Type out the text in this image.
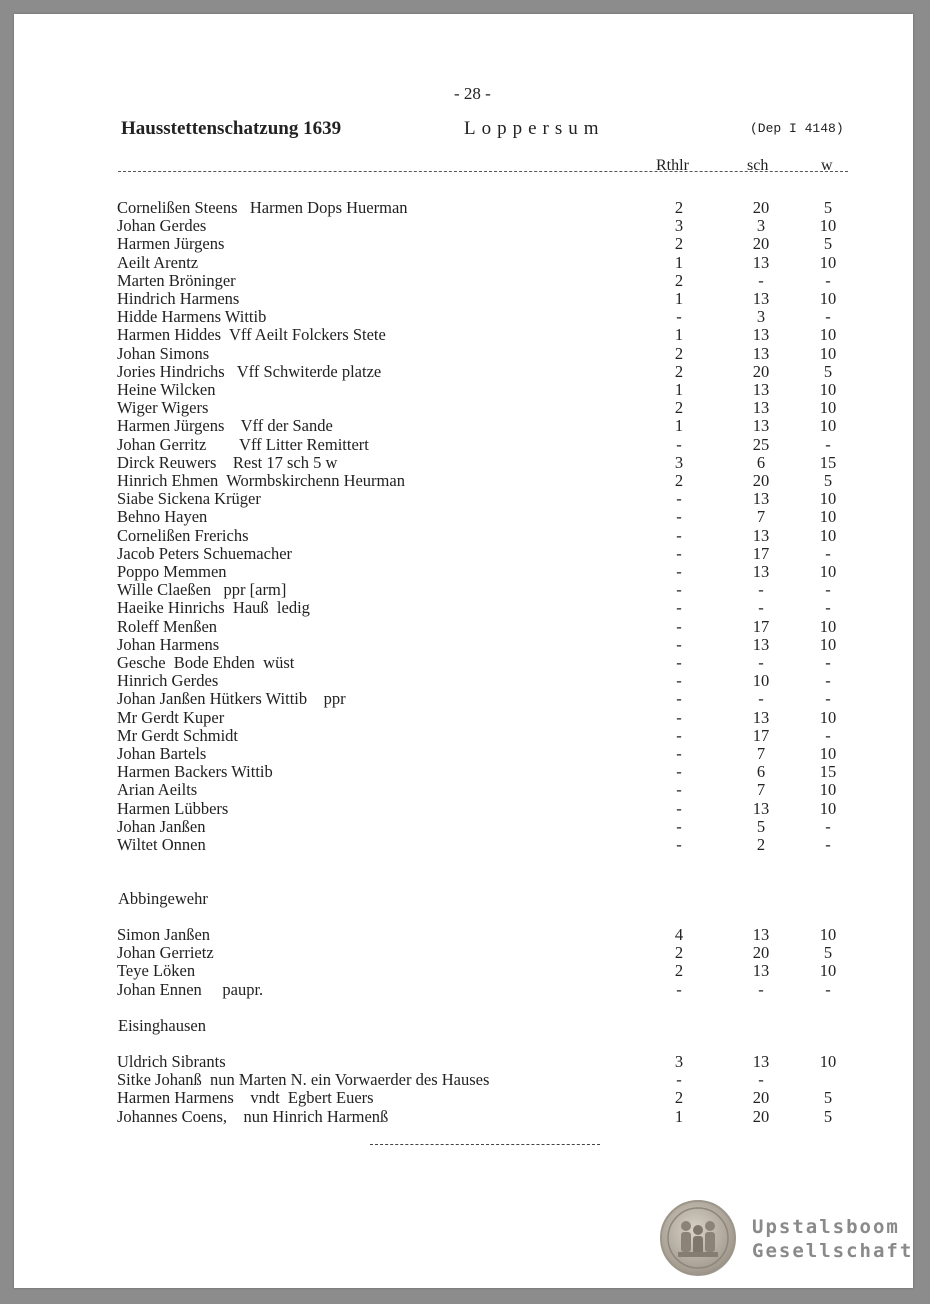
- 28 -
Hausstettenschatzung 1639	Loppersum	(Dep I 4148)
Rthlr	sch	w
Cornelißen Steens   Harmen Dops Huerman	2	20	5
Johan Gerdes	3	3	10
Harmen Jürgens	2	20	5
Aeilt Arentz	1	13	10
Marten Bröninger	2	-	-
Hindrich Harmens	1	13	10
Hidde Harmens Wittib	-	3	-
Harmen Hiddes  Vff Aeilt Folckers Stete	1	13	10
Johan Simons	2	13	10
Jories Hindrichs   Vff Schwiterde platze	2	20	5
Heine Wilcken	1	13	10
Wiger Wigers	2	13	10
Harmen Jürgens    Vff der Sande	1	13	10
Johan Gerritz        Vff Litter Remittert	-	25	-
Dirck Reuwers    Rest 17 sch 5 w	3	6	15
Hinrich Ehmen  Wormbskirchenn Heurman	2	20	5
Siabe Sickena Krüger	-	13	10
Behno Hayen	-	7	10
Cornelißen Frerichs	-	13	10
Jacob Peters Schuemacher	-	17	-
Poppo Memmen	-	13	10
Wille Claeßen   ppr [arm]	-	-	-
Haeike Hinrichs  Hauß  ledig	-	-	-
Roleff Menßen	-	17	10
Johan Harmens	-	13	10
Gesche  Bode Ehden  wüst	-	-	-
Hinrich Gerdes	-	10	-
Johan Janßen Hütkers Wittib    ppr	-	-	-
Mr Gerdt Kuper	-	13	10
Mr Gerdt Schmidt	-	17	-
Johan Bartels	-	7	10
Harmen Backers Wittib	-	6	15
Arian Aeilts	-	7	10
Harmen Lübbers	-	13	10
Johan Janßen	-	5	-
Wiltet Onnen	-	2	-
Abbingewehr
Simon Janßen	4	13	10
Johan Gerrietz	2	20	5
Teye Löken	2	13	10
Johan Ennen     paupr.	-	-	-
Eisinghausen
Uldrich Sibrants	3	13	10
Sitke Johanß  nun Marten N. ein Vorwaerder des Hauses	-	-
Harmen Harmens    vndt  Egbert Euers	2	20	5
Johannes Coens,    nun Hinrich Harmenß	1	20	5
Upstalsboom
Gesellschaft
